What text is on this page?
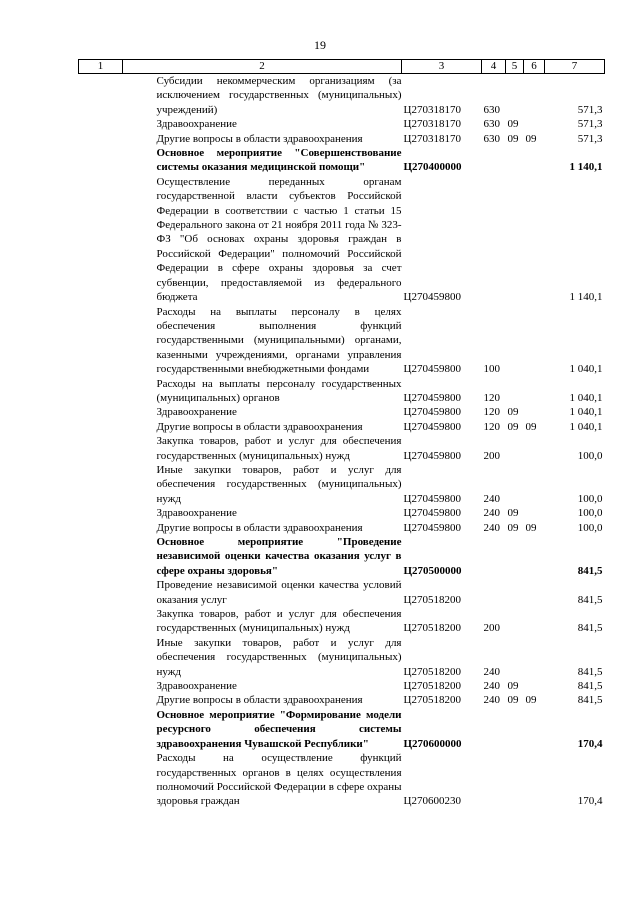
19
1	2	3	4	5	6	7
	Субсидии некоммерческим организациям (за исключением государственных (муниципальных) учреждений)	Ц270318170	630			571,3
	Здравоохранение	Ц270318170	630	09		571,3
	Другие вопросы в области здравоохранения	Ц270318170	630	09	09	571,3
	Основное мероприятие "Совершенствование системы оказания медицинской помощи"	Ц270400000				1 140,1
	Осуществление переданных органам государственной власти субъектов Российской Федерации в соответствии с частью 1 статьи 15 Федерального закона от 21 ноября 2011 года № 323-ФЗ "Об основах охраны здоровья граждан в Российской Федерации" полномочий Российской Федерации в сфере охраны здоровья за счет субвенции, предоставляемой из федерального бюджета	Ц270459800				1 140,1
	Расходы на выплаты персоналу в целях обеспечения выполнения функций государственными (муниципальными) органами, казенными учреждениями, органами управления государственными внебюджетными фондами	Ц270459800	100			1 040,1
	Расходы на выплаты персоналу государственных (муниципальных) органов	Ц270459800	120			1 040,1
	Здравоохранение	Ц270459800	120	09		1 040,1
	Другие вопросы в области здравоохранения	Ц270459800	120	09	09	1 040,1
	Закупка товаров, работ и услуг для обеспечения государственных (муниципальных) нужд	Ц270459800	200			100,0
	Иные закупки товаров, работ и услуг для обеспечения государственных (муниципальных) нужд	Ц270459800	240			100,0
	Здравоохранение	Ц270459800	240	09		100,0
	Другие вопросы в области здравоохранения	Ц270459800	240	09	09	100,0
	Основное мероприятие "Проведение независимой оценки качества оказания услуг в сфере охраны здоровья"	Ц270500000				841,5
	Проведение независимой оценки качества условий оказания услуг	Ц270518200				841,5
	Закупка товаров, работ и услуг для обеспечения государственных (муниципальных) нужд	Ц270518200	200			841,5
	Иные закупки товаров, работ и услуг для обеспечения государственных (муниципальных) нужд	Ц270518200	240			841,5
	Здравоохранение	Ц270518200	240	09		841,5
	Другие вопросы в области здравоохранения	Ц270518200	240	09	09	841,5
	Основное мероприятие "Формирование модели ресурсного обеспечения системы здравоохранения Чувашской Республики"	Ц270600000				170,4
	Расходы на осуществление функций государственных органов в целях осуществления полномочий Российской Федерации в сфере охраны здоровья граждан	Ц270600230				170,4
